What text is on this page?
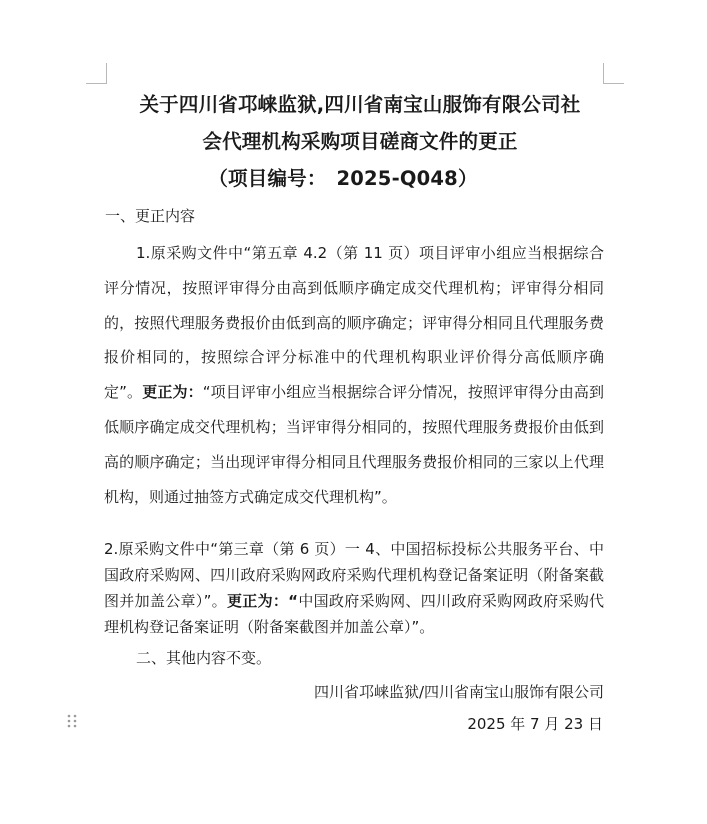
关于四川省邛崃监狱,四川省南宝山服饰有限公司社
会代理机构采购项目磋商文件的更正
（项目编号：　2025-Q048）
一、更正内容
1.原采购文件中“第五章 4.2（第 11 页）项目评审小组应当根据综合评分情况，按照评审得分由高到低顺序确定成交代理机构；评审得分相同的，按照代理服务费报价由低到高的顺序确定；评审得分相同且代理服务费报价相同的，按照综合评分标准中的代理机构职业评价得分高低顺序确定”。更正为：“项目评审小组应当根据综合评分情况，按照评审得分由高到低顺序确定成交代理机构；当评审得分相同的，按照代理服务费报价由低到高的顺序确定；当出现评审得分相同且代理服务费报价相同的三家以上代理机构，则通过抽签方式确定成交代理机构”。
2.原采购文件中“第三章（第 6 页）一 4、中国招标投标公共服务平台、中国政府采购网、四川政府采购网政府采购代理机构登记备案证明（附备案截图并加盖公章）”。更正为：“中国政府采购网、四川政府采购网政府采购代理机构登记备案证明（附备案截图并加盖公章）”。
二、其他内容不变。
四川省邛崃监狱/四川省南宝山服饰有限公司
2025 年 7 月 23 日
